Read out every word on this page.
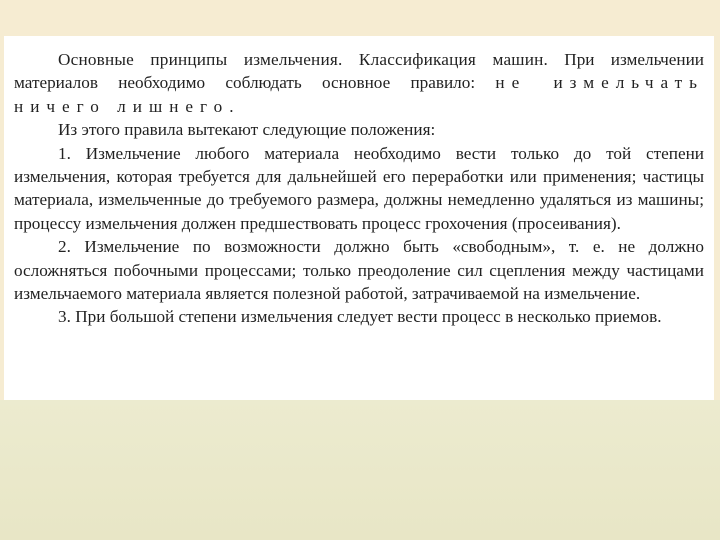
Основные принципы измельчения. Классификация машин. При измельчении материалов необходимо соблюдать основное правило: не измельчать ничего лишнего.

Из этого правила вытекают следующие положения:

1. Измельчение любого материала необходимо вести только до той степени измельчения, которая требуется для дальнейшей его переработки или применения; частицы материала, измельченные до требуемого размера, должны немедленно удаляться из машины; процессу измельчения должен предшествовать процесс грохочения (просеивания).

2. Измельчение по возможности должно быть «свободным», т. е. не должно осложняться побочными процессами; только преодоление сил сцепления между частицами измельчаемого материала является полезной работой, затрачиваемой на измельчение.

3. При большой степени измельчения следует вести процесс в несколько приемов.
